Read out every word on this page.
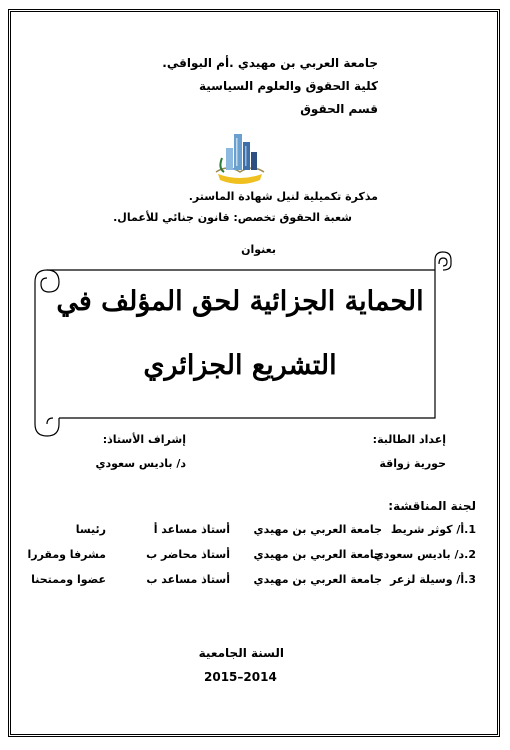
جامعة العربي بن مهيدي .أم البواقي.
كلية الحقوق والعلوم السياسية
قسم الحقوق
مذكرة تكميلية لنيل شهادة الماستر.
شعبة الحقوق تخصص: قانون جنائي للأعمال.
بعنوان
الحماية الجزائية لحق المؤلف في
التشريع الجزائري
إعداد الطالبة:
حورية زواقة
إشراف الأستاذ:
د/ باديس سعودي
لجنة المناقشة:
1.أ/ كوثر شريط
جامعة العربي بن مهيدي
أستاذ مساعد أ
رئيسا
2.د/ باديس سعودي
جامعة العربي بن مهيدي
أستاذ محاضر ب
مشرفا ومقررا
3.أ/ وسيلة لزعر
جامعة العربي بن مهيدي
أستاذ مساعد ب
عضوا وممتحنا
السنة الجامعية
2015–2014
